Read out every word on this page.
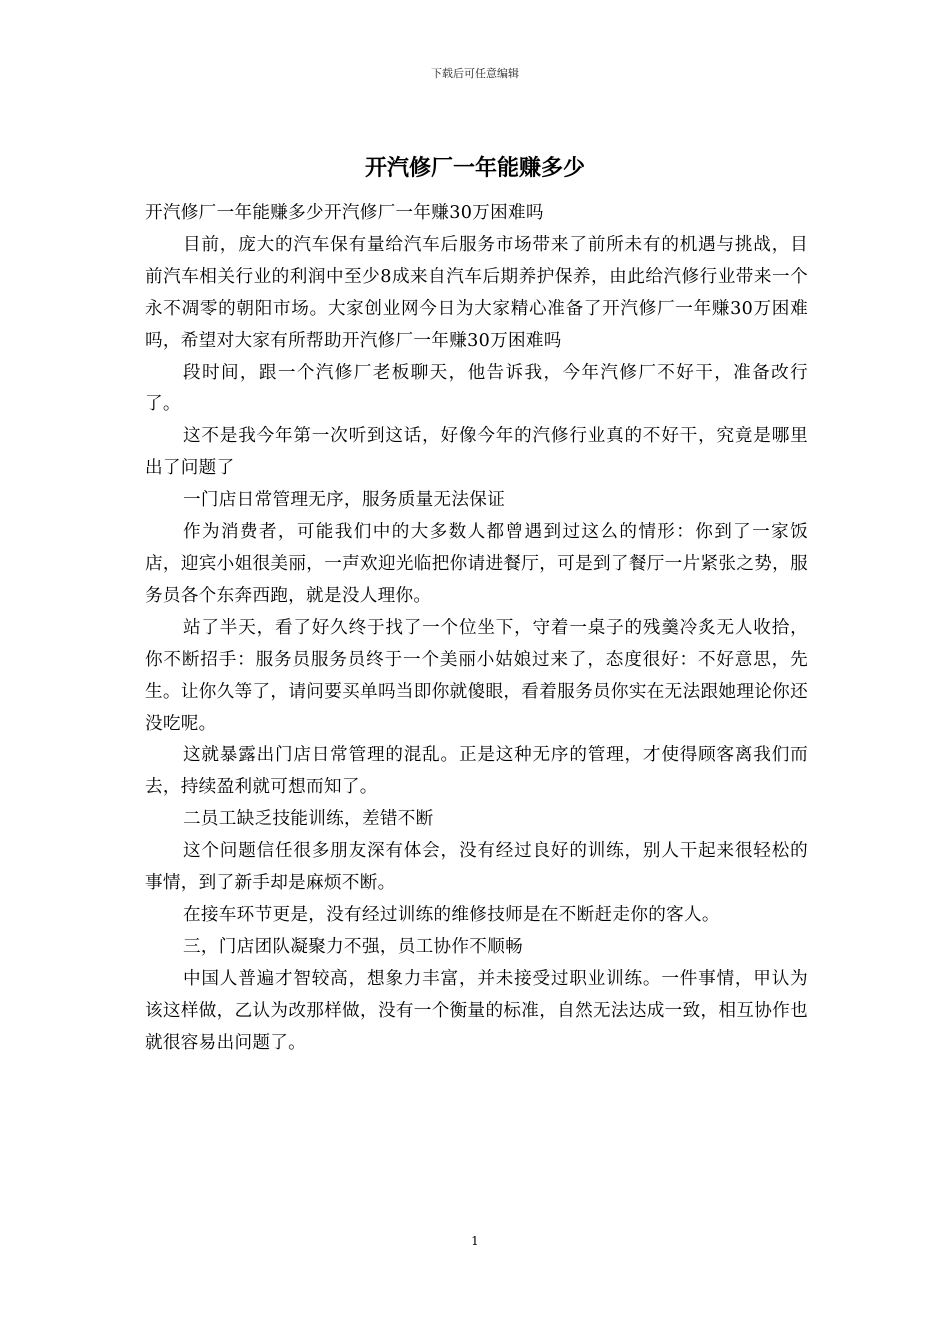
下载后可任意编辑
开汽修厂一年能赚多少

开汽修厂一年能赚多少开汽修厂一年赚30万困难吗

目前，庞大的汽车保有量给汽车后服务市场带来了前所未有的机遇与挑战，目前汽车相关行业的利润中至少8成来自汽车后期养护保养，由此给汽修行业带来一个永不凋零的朝阳市场。大家创业网今日为大家精心准备了开汽修厂一年赚30万困难吗，希望对大家有所帮助开汽修厂一年赚30万困难吗

段时间，跟一个汽修厂老板聊天，他告诉我，今年汽修厂不好干，准备改行了。

这不是我今年第一次听到这话，好像今年的汽修行业真的不好干，究竟是哪里出了问题了

一门店日常管理无序，服务质量无法保证

作为消费者，可能我们中的大多数人都曾遇到过这么的情形：你到了一家饭店，迎宾小姐很美丽，一声欢迎光临把你请进餐厅，可是到了餐厅一片紧张之势，服务员各个东奔西跑，就是没人理你。

站了半天，看了好久终于找了一个位坐下，守着一桌子的残羹冷炙无人收拾，你不断招手：服务员服务员终于一个美丽小姑娘过来了，态度很好：不好意思，先生。让你久等了，请问要买单吗当即你就傻眼，看着服务员你实在无法跟她理论你还没吃呢。

这就暴露出门店日常管理的混乱。正是这种无序的管理，才使得顾客离我们而去，持续盈利就可想而知了。

二员工缺乏技能训练，差错不断

这个问题信任很多朋友深有体会，没有经过良好的训练，别人干起来很轻松的事情，到了新手却是麻烦不断。

在接车环节更是，没有经过训练的维修技师是在不断赶走你的客人。

三，门店团队凝聚力不强，员工协作不顺畅

中国人普遍才智较高，想象力丰富，并未接受过职业训练。一件事情，甲认为该这样做，乙认为改那样做，没有一个衡量的标准，自然无法达成一致，相互协作也就很容易出问题了。

1
